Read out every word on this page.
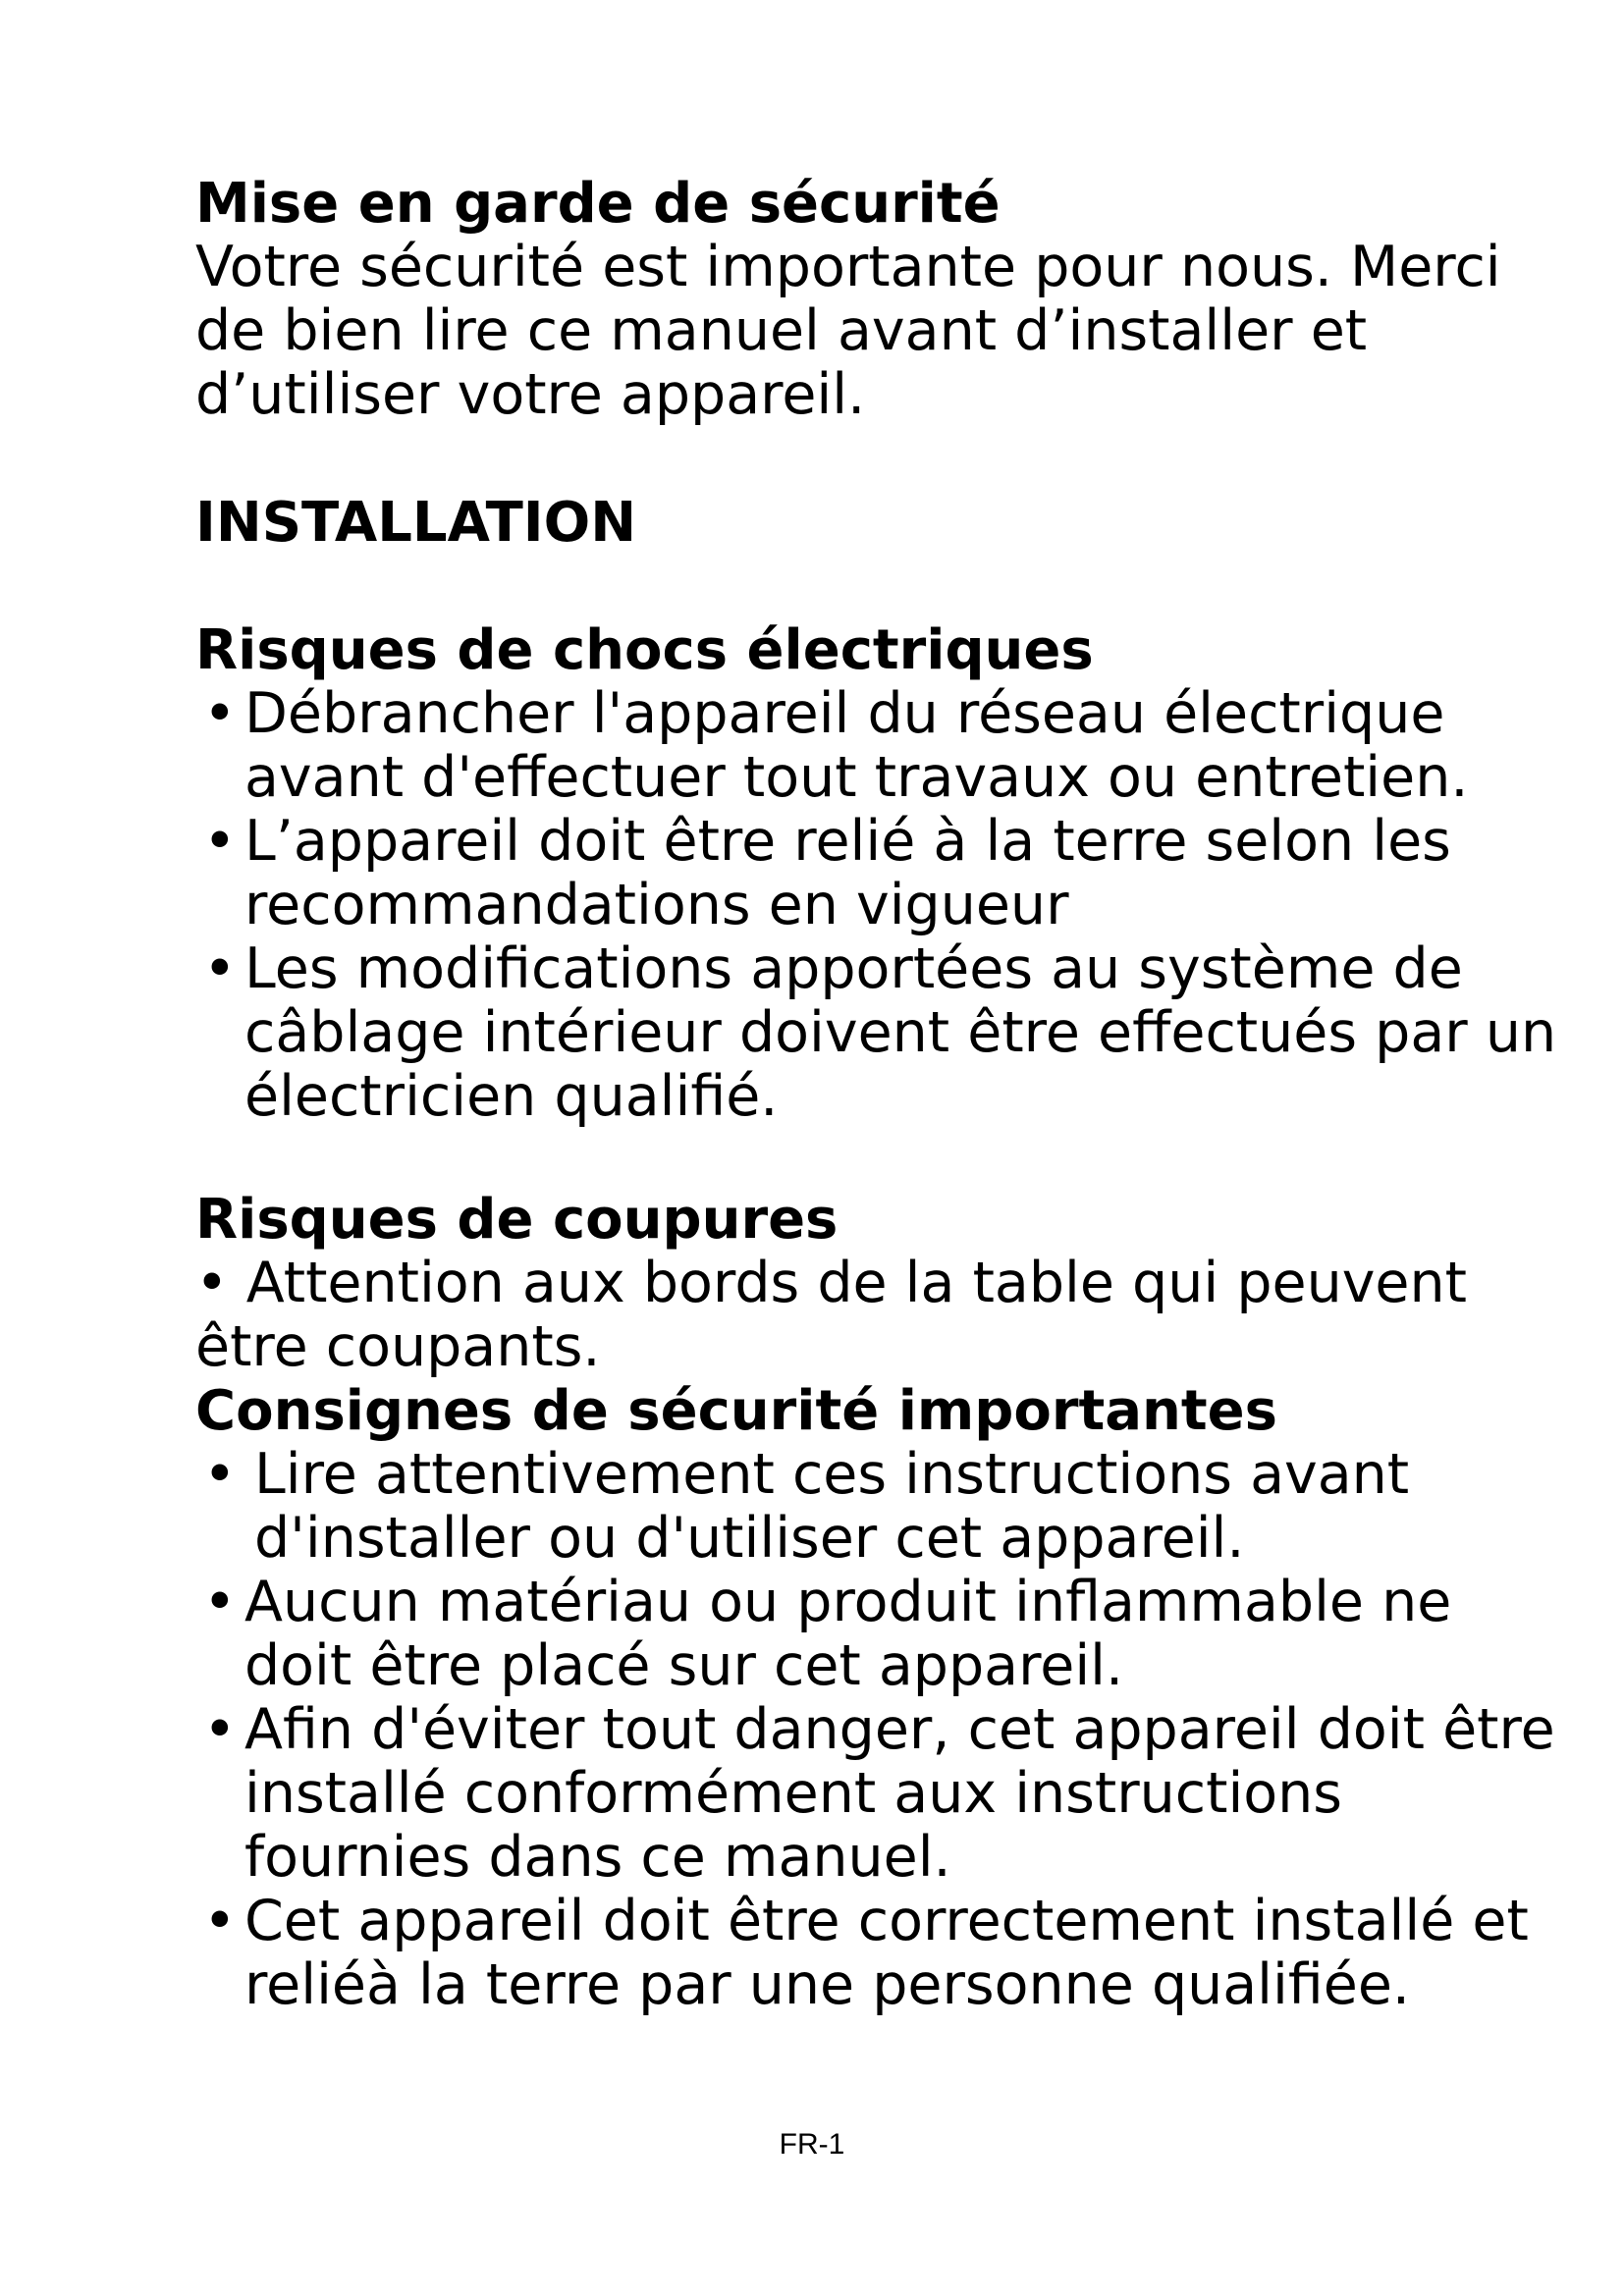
Mise en garde de sécurité

Votre sécurité est importante pour nous. Merci de bien lire ce manuel avant d’installer et d’utiliser votre appareil.

INSTALLATION
Risques de chocs électriques
• Débrancher l'appareil du réseau électrique avant d'effectuer tout travaux ou entretien.
• L’appareil doit être relié à la terre selon les recommandations en vigueur
• Les modifications apportées au système de câblage intérieur doivent être effectués par un électricien qualifié.
Risques de coupures

• Attention aux bords de la table qui peuvent

être coupants.

Consignes de sécurité importantes
• Lire attentivement ces instructions avant d'installer ou d'utiliser cet appareil.
• Aucun matériau ou produit inflammable ne doit être placé sur cet appareil.
• Afin d'éviter tout danger, cet appareil doit être installé conformément aux instructions fournies dans ce manuel.
• Cet appareil doit être correctement installé et reliéà la terre par une personne qualifiée.
FR-1
